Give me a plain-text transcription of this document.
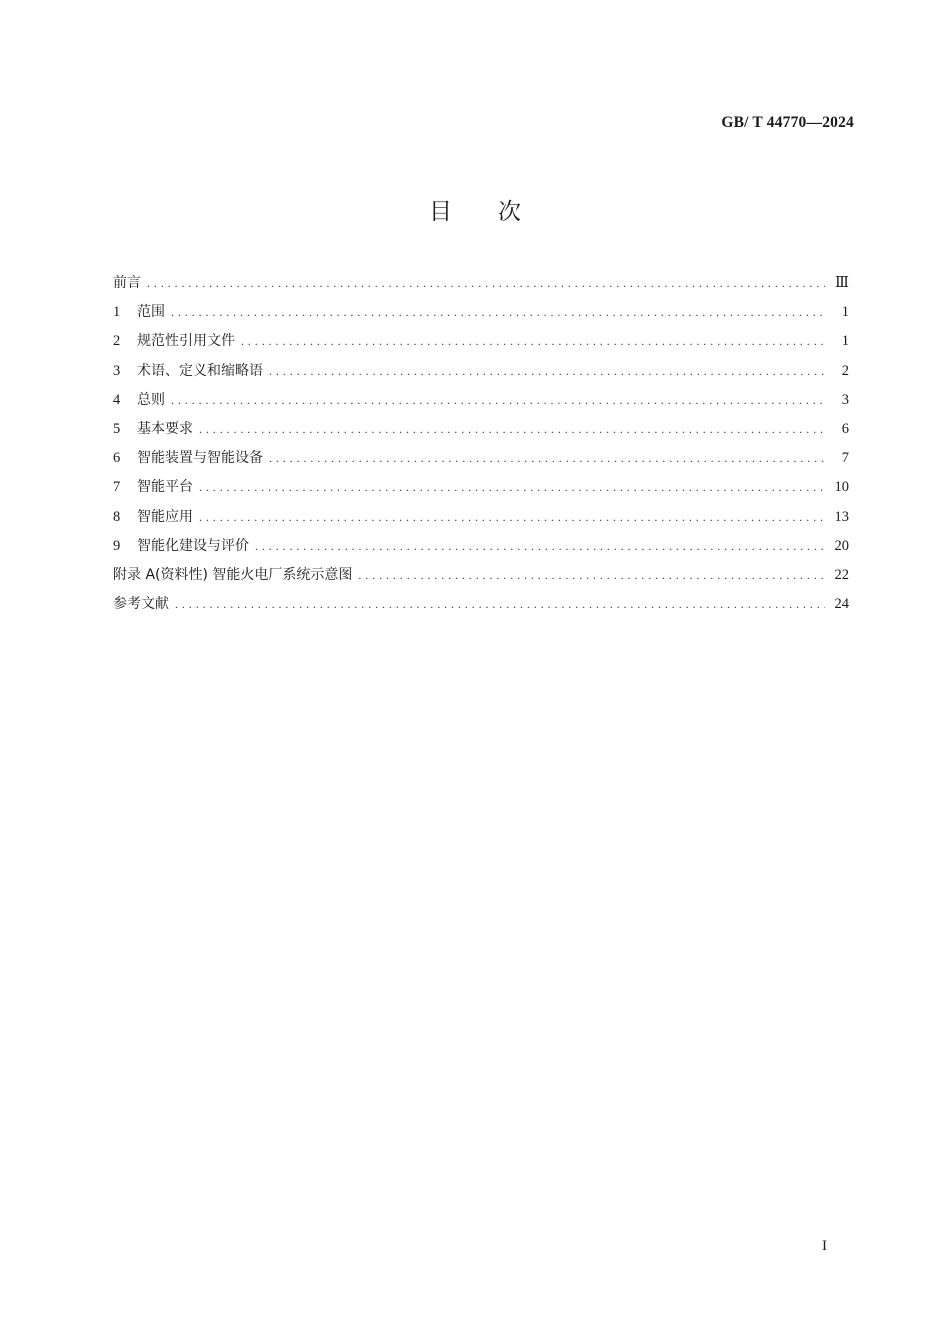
GB/ T 44770—2024
目 次
前言 . . .	Ⅲ
1 范围 . . .	1
2 规范性引用文件 . . .	1
3 术语、定义和缩略语 . . .	2
4 总则 . . .	3
5 基本要求 . . .	6
6 智能装置与智能设备 . . .	7
7 智能平台 . . .	10
8 智能应用 . . .	13
9 智能化建设与评价 . . .	20
附录 A(资料性) 智能火电厂系统示意图 . . .	22
参考文献 . . .	24
I
